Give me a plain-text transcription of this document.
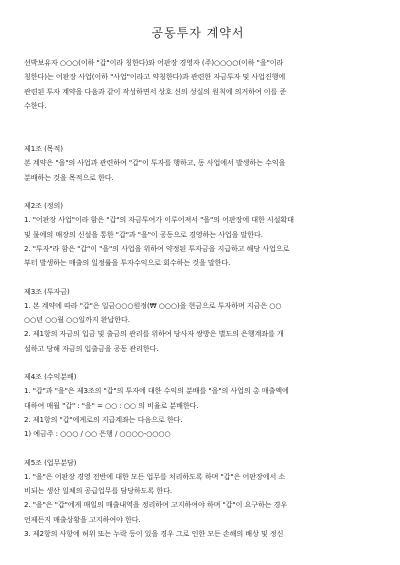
공동투자 계약서
선박보유자 ○○○(이하 "갑"이라 칭한다)와 어판장 경영자 (주)○○○○(이하 "을"이라
칭한다)는 어판장 사업(이하 "사업"이라고 약칭한다)과 관련한 자금투자 및 사업진행에
관련된 투자 계약을 다음과 같이 작성하면서 상호 신의 성실의 원칙에 의거하여 이를 준
수한다.
제1조 (목적)
본 계약은 "을"의 사업과 관련하여 "갑"이 투자를 행하고, 동 사업에서 발생하는 수익을
분배하는 것을 목적으로 한다.
제2조 (정의)
1. "어판장 사업"이라 함은 "갑"의 자금투여가 이루어져서 "을"의 어판장에 대한 시설확대
및 물에의 매장의 신설을 통한 "갑"과 "을"이 공동으로 경영하는 사업을 말한다.
2. "투자"라 함은 "갑"이 "을"의 사업을 위하여 약정된 투자금을 지급하고 해당 사업으로
부터 발생하는 매출의 일정률을 투자수익으로 회수하는 것을 말한다.
제3조 (투자금)
1. 본 계약에 따라 "갑"은 일금○○○원정(₩ ○○○)을 현금으로 투자하며 지금은 ○○
○○년 ○○월 ○○일까지 완납한다.
2. 제1항의 자금의 입금 및 출금의 관리를 위하여 당사자 쌍방은 별도의 은행계좌를 개
설하고 당해 자금의 입출금을 공동 관리한다.
제4조 (수익분배)
1. "갑"과 "을"은 제3조의 "갑"의 투자에 대한 수익의 분배를 "을"의 사업의 총 매출액에
대하여 매월 "갑" : "을" = ○○ : ○○ 의 비율로 분배한다.
2. 제1항의 "갑"에게로의 지급계좌는 다음으로 한다.
1) 예금주 : ○○○ / ○○ 은행 / ○○○○-○○○○
제5조 (업무분담)
1. "을"은 어판장 경영 전반에 대한 모든 업무를 처리하도록 하며 "갑"은 어판장에서 소
비되는 생산 일체의 공급업무를 담당하도록 한다.
2. "을"은 "갑"에게 매일의 매출내역을 정리하여 고지하여야 하며 "갑"이 요구하는 경우
언제든지 매출상황을 고지하여야 한다.
3. 제2항의 사항에 허위 또는 누락 등이 있을 경우 그로 인한 모든 손해의 배상 및 정신
